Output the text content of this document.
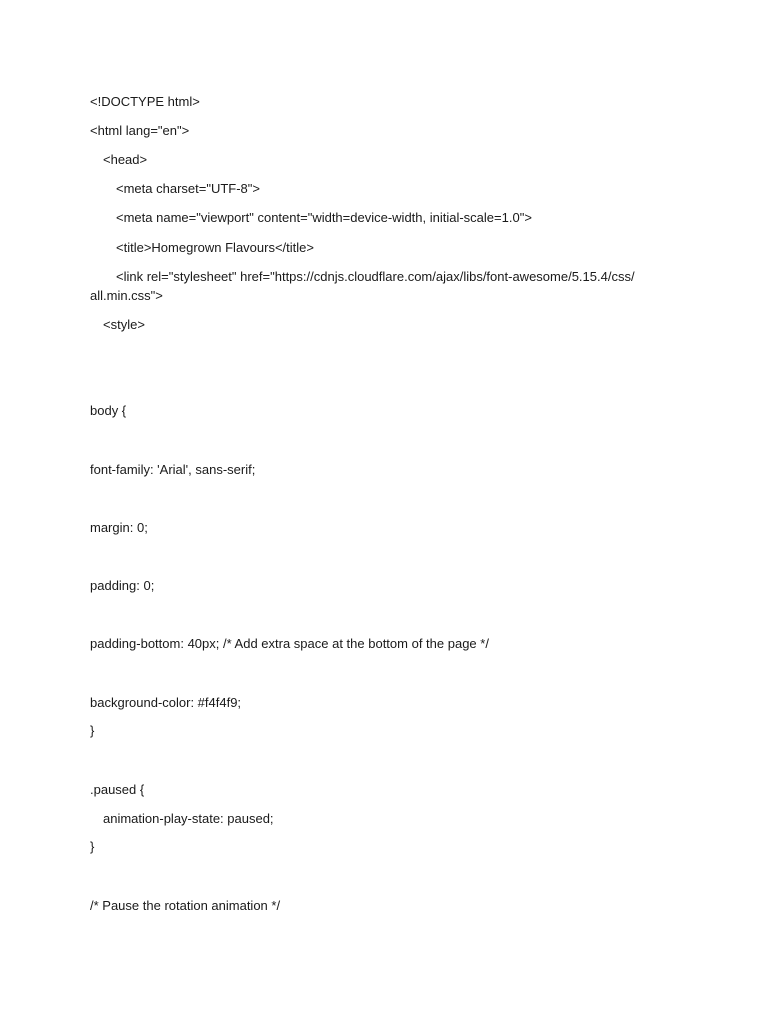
<!DOCTYPE html>
<html lang="en">
<head>
<meta charset="UTF-8">
<meta name="viewport" content="width=device-width, initial-scale=1.0">
<title>Homegrown Flavours</title>
<link rel="stylesheet" href="https://cdnjs.cloudflare.com/ajax/libs/font-awesome/5.15.4/css/
all.min.css">
<style>
body {
font-family: 'Arial', sans-serif;
margin: 0;
padding: 0;
padding-bottom: 40px; /* Add extra space at the bottom of the page */
background-color: #f4f4f9;
}
.paused {
animation-play-state: paused;
}
/* Pause the rotation animation */
